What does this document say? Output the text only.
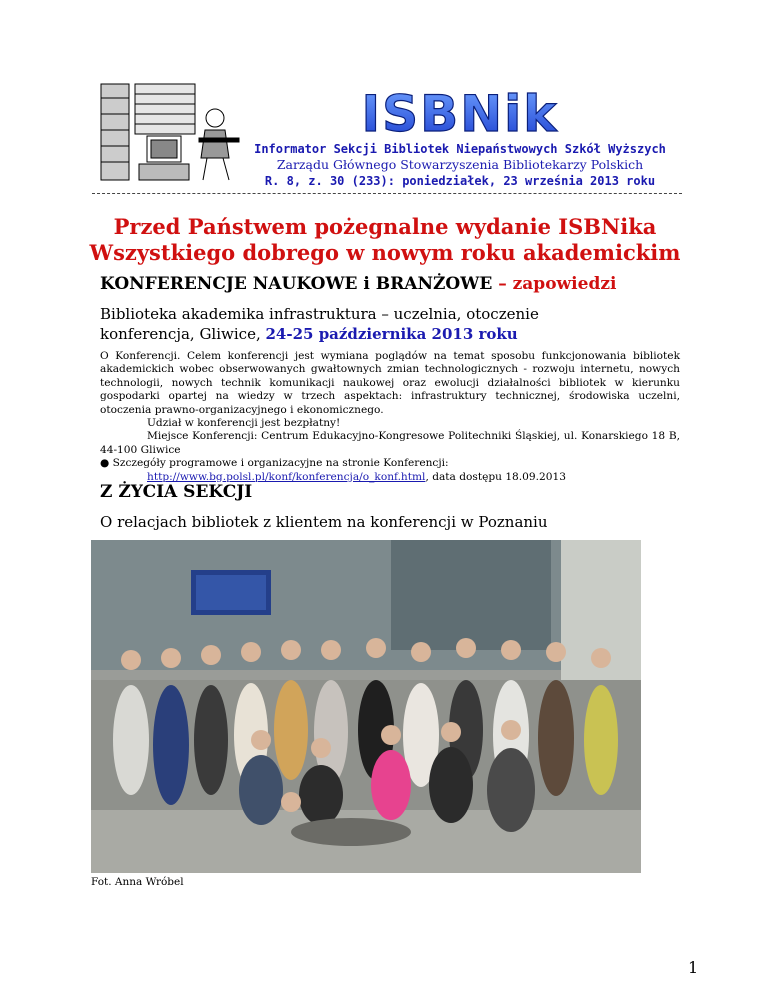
ISBNik
Informator Sekcji Bibliotek Niepaństwowych Szkół Wyższych
Zarządu Głównego Stowarzyszenia Bibliotekarzy Polskich
R. 8, z. 30 (233): poniedziałek, 23 września 2013 roku
Przed Państwem pożegnalne wydanie ISBNika
Wszystkiego dobrego w nowym roku akademickim
KONFERENCJE NAUKOWE i BRANŻOWE – zapowiedzi
Biblioteka akademika infrastruktura – uczelnia, otoczenie
konferencja, Gliwice, 24-25 października 2013 roku
O Konferencji. Celem konferencji jest wymiana poglądów na temat sposobu funkcjonowania bibliotek akademickich wobec obserwowanych gwałtownych zmian technologicznych - rozwoju internetu, nowych technologii, nowych technik komunikacji naukowej oraz ewolucji działalności bibliotek w kierunku gospodarki opartej na wiedzy w trzech aspektach: infrastruktury technicznej, środowiska uczelni, otoczenia prawno-organizacyjnego i ekonomicznego.
Udział w konferencji jest bezpłatny!
Miejsce Konferencji: Centrum Edukacyjno-Kongresowe Politechniki Śląskiej, ul. Konarskiego 18 B, 44-100 Gliwice
● Szczegóły programowe i organizacyjne na stronie Konferencji:
http://www.bg.polsl.pl/konf/konferencja/o_konf.html, data dostępu 18.09.2013
Z ŻYCIA SEKCJI
O relacjach bibliotek z klientem na konferencji w Poznaniu
Fot. Anna Wróbel
1
